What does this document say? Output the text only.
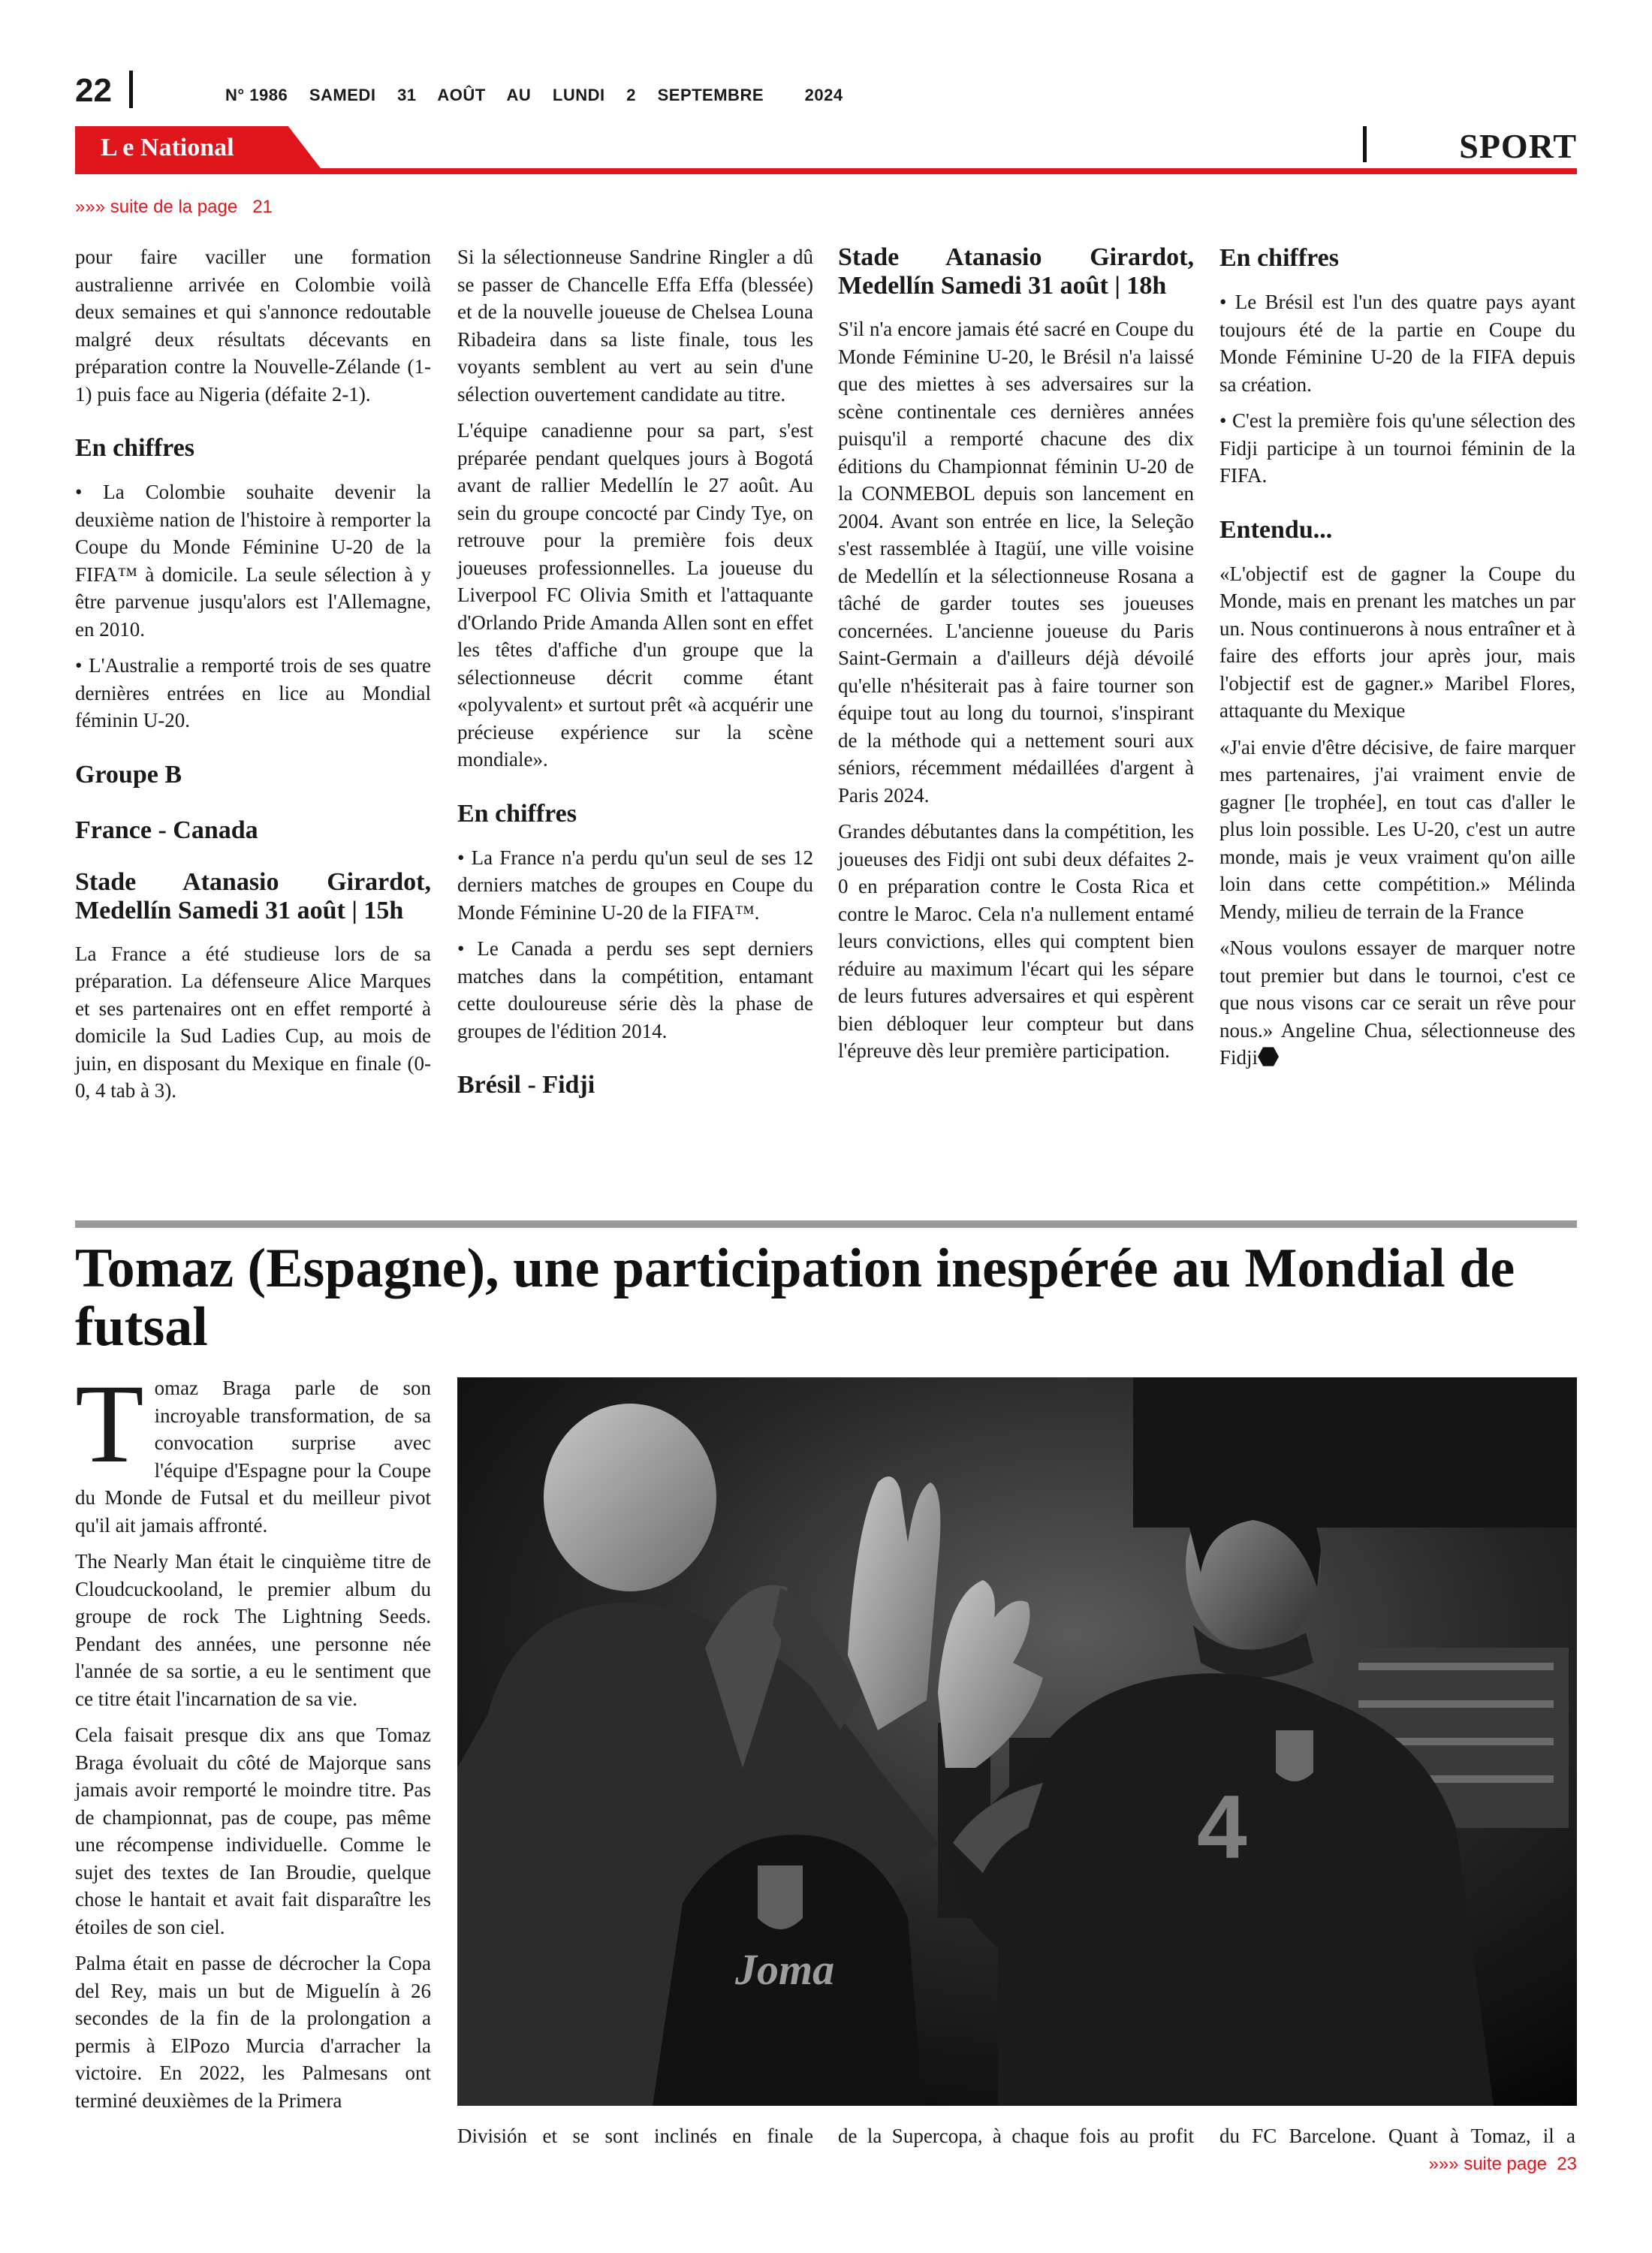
22	N° 1986 SAMEDI 31 AOÛT AU LUNDI 2 SEPTEMBRE 2024
L e National	SPORT
»»» suite de la page 21

pour faire vaciller une formation australienne arrivée en Colombie voilà deux semaines et qui s'annonce redoutable malgré deux résultats décevants en préparation contre la Nouvelle-Zélande (1-1) puis face au Nigeria (défaite 2-1).

En chiffres

• La Colombie souhaite devenir la deuxième nation de l'histoire à remporter la Coupe du Monde Féminine U-20 de la FIFA™ à domicile. La seule sélection à y être parvenue jusqu'alors est l'Allemagne, en 2010.

• L'Australie a remporté trois de ses quatre dernières entrées en lice au Mondial féminin U-20.

Groupe B
France - Canada
Stade Atanasio Girardot,
Medellín Samedi 31 août | 15h

La France a été studieuse lors de sa préparation. La défenseure Alice Marques et ses partenaires ont en effet remporté à domicile la Sud Ladies Cup, au mois de juin, en disposant du Mexique en finale (0-0, 4 tab à 3).

Si la sélectionneuse Sandrine Ringler a dû se passer de Chancelle Effa Effa (blessée) et de la nouvelle joueuse de Chelsea Louna Ribadeira dans sa liste finale, tous les voyants semblent au vert au sein d'une sélection ouvertement candidate au titre.

L'équipe canadienne pour sa part, s'est préparée pendant quelques jours à Bogotá avant de rallier Medellín le 27 août. Au sein du groupe concocté par Cindy Tye, on retrouve pour la première fois deux joueuses professionnelles. La joueuse du Liverpool FC Olivia Smith et l'attaquante d'Orlando Pride Amanda Allen sont en effet les têtes d'affiche d'un groupe que la sélectionneuse décrit comme étant «polyvalent» et surtout prêt «à acquérir une précieuse expérience sur la scène mondiale».

En chiffres

• La France n'a perdu qu'un seul de ses 12 derniers matches de groupes en Coupe du Monde Féminine U-20 de la FIFA™.

• Le Canada a perdu ses sept derniers matches dans la compétition, entamant cette douloureuse série dès la phase de groupes de l'édition 2014.

Brésil - Fidji
Stade Atanasio Girardot,
Medellín Samedi 31 août | 18h

S'il n'a encore jamais été sacré en Coupe du Monde Féminine U-20, le Brésil n'a laissé que des miettes à ses adversaires sur la scène continentale ces dernières années puisqu'il a remporté chacune des dix éditions du Championnat féminin U-20 de la CONMEBOL depuis son lancement en 2004. Avant son entrée en lice, la Seleção s'est rassemblée à Itagüí, une ville voisine de Medellín et la sélectionneuse Rosana a tâché de garder toutes ses joueuses concernées. L'ancienne joueuse du Paris Saint-Germain a d'ailleurs déjà dévoilé qu'elle n'hésiterait pas à faire tourner son équipe tout au long du tournoi, s'inspirant de la méthode qui a nettement souri aux séniors, récemment médaillées d'argent à Paris 2024.

Grandes débutantes dans la compétition, les joueuses des Fidji ont subi deux défaites 2-0 en préparation contre le Costa Rica et contre le Maroc. Cela n'a nullement entamé leurs convictions, elles qui comptent bien réduire au maximum l'écart qui les sépare de leurs futures adversaires et qui espèrent bien débloquer leur compteur but dans l'épreuve dès leur première participation.

En chiffres

• Le Brésil est l'un des quatre pays ayant toujours été de la partie en Coupe du Monde Féminine U-20 de la FIFA depuis sa création.

• C'est la première fois qu'une sélection des Fidji participe à un tournoi féminin de la FIFA.

Entendu...

«L'objectif est de gagner la Coupe du Monde, mais en prenant les matches un par un. Nous continuerons à nous entraîner et à faire des efforts jour après jour, mais l'objectif est de gagner.» Maribel Flores, attaquante du Mexique

«J'ai envie d'être décisive, de faire marquer mes partenaires, j'ai vraiment envie de gagner [le trophée], en tout cas d'aller le plus loin possible. Les U-20, c'est un autre monde, mais je veux vraiment qu'on aille loin dans cette compétition.» Mélinda Mendy, milieu de terrain de la France

«Nous voulons essayer de marquer notre tout premier but dans le tournoi, c'est ce que nous visons car ce serait un rêve pour nous.» Angeline Chua, sélectionneuse des Fidji

Tomaz (Espagne), une participation inespérée au Mondial de futsal

Tomaz Braga parle de son incroyable transformation, de sa convocation surprise avec l'équipe d'Espagne pour la Coupe du Monde de Futsal et du meilleur pivot qu'il ait jamais affronté.

The Nearly Man était le cinquième titre de Cloudcuckooland, le premier album du groupe de rock The Lightning Seeds. Pendant des années, une personne née l'année de sa sortie, a eu le sentiment que ce titre était l'incarnation de sa vie.

Cela faisait presque dix ans que Tomaz Braga évoluait du côté de Majorque sans jamais avoir remporté le moindre titre. Pas de championnat, pas de coupe, pas même une récompense individuelle. Comme le sujet des textes de Ian Broudie, quelque chose le hantait et avait fait disparaître les étoiles de son ciel.

Palma était en passe de décrocher la Copa del Rey, mais un but de Miguelín à 26 secondes de la fin de la prolongation a permis à ElPozo Murcia d'arracher la victoire. En 2022, les Palmesans ont terminé deuxièmes de la Primera

Joma
4
División et se sont inclinés en finale de la Supercopa, à chaque fois au profit du FC Barcelone. Quant à Tomaz, il a
»»» suite page 23
